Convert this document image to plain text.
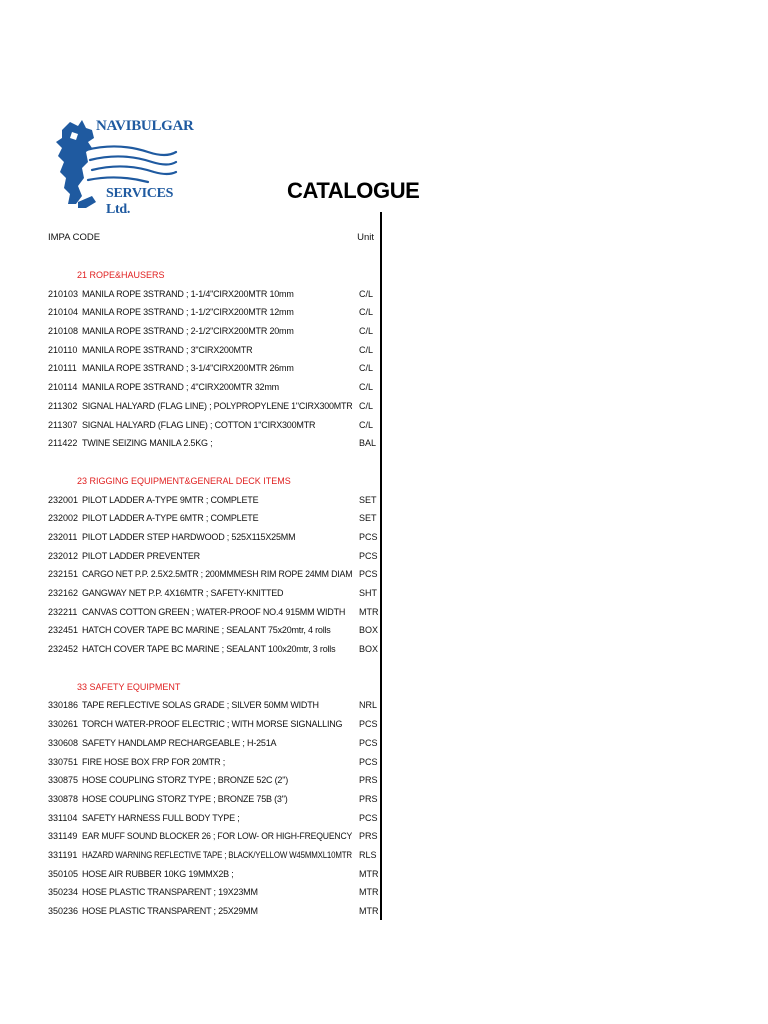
NAVIBULGAR
SERVICES Ltd.
CATALOGUE
IMPA CODE	Unit
21 ROPE&HAUSERS
210103 MANILA ROPE 3STRAND ; 1-1/4"CIRX200MTR 10mm	C/L
210104 MANILA ROPE 3STRAND ; 1-1/2"CIRX200MTR 12mm	C/L
210108 MANILA ROPE 3STRAND ; 2-1/2"CIRX200MTR 20mm	C/L
210110 MANILA ROPE 3STRAND ; 3"CIRX200MTR	C/L
210111 MANILA ROPE 3STRAND ; 3-1/4"CIRX200MTR 26mm	C/L
210114 MANILA ROPE 3STRAND ; 4"CIRX200MTR 32mm	C/L
211302 SIGNAL HALYARD (FLAG LINE) ; POLYPROPYLENE 1"CIRX300MTR C/L
211307 SIGNAL HALYARD (FLAG LINE) ; COTTON 1"CIRX300MTR	C/L
211422 TWINE SEIZING MANILA 2.5KG ;	BAL
23 RIGGING EQUIPMENT&GENERAL DECK ITEMS
232001 PILOT LADDER A-TYPE 9MTR ; COMPLETE	SET
232002 PILOT LADDER A-TYPE 6MTR ; COMPLETE	SET
232011 PILOT LADDER STEP HARDWOOD ; 525X115X25MM	PCS
232012 PILOT LADDER PREVENTER	PCS
232151 CARGO NET P.P. 2.5X2.5MTR ; 200MMMESH RIM ROPE 24MM DIAM PCS
232162 GANGWAY NET P.P. 4X16MTR ; SAFETY-KNITTED	SHT
232211 CANVAS COTTON GREEN ; WATER-PROOF NO.4 915MM WIDTH	MTR
232451 HATCH COVER TAPE BC MARINE ; SEALANT 75x20mtr, 4 rolls	BOX
232452 HATCH COVER TAPE BC MARINE ; SEALANT 100x20mtr, 3 rolls	BOX
33 SAFETY EQUIPMENT
330186 TAPE REFLECTIVE SOLAS GRADE ; SILVER 50MM WIDTH	NRL
330261 TORCH WATER-PROOF ELECTRIC ; WITH MORSE SIGNALLING	PCS
330608 SAFETY HANDLAMP RECHARGEABLE ; H-251A	PCS
330751 FIRE HOSE BOX FRP FOR 20MTR ;	PCS
330875 HOSE COUPLING STORZ TYPE ; BRONZE 52C (2")	PRS
330878 HOSE COUPLING STORZ TYPE ; BRONZE 75B (3")	PRS
331104 SAFETY HARNESS FULL BODY TYPE ;	PCS
331149 EAR MUFF SOUND BLOCKER 26 ; FOR LOW- OR HIGH-FREQUENCY PRS
331191 HAZARD WARNING REFLECTIVE TAPE ; BLACK/YELLOW W45MMXL10MTR RLS
350105 HOSE AIR RUBBER 10KG 19MMX2B ;	MTR
350234 HOSE PLASTIC TRANSPARENT ; 19X23MM	MTR
350236 HOSE PLASTIC TRANSPARENT ; 25X29MM	MTR
